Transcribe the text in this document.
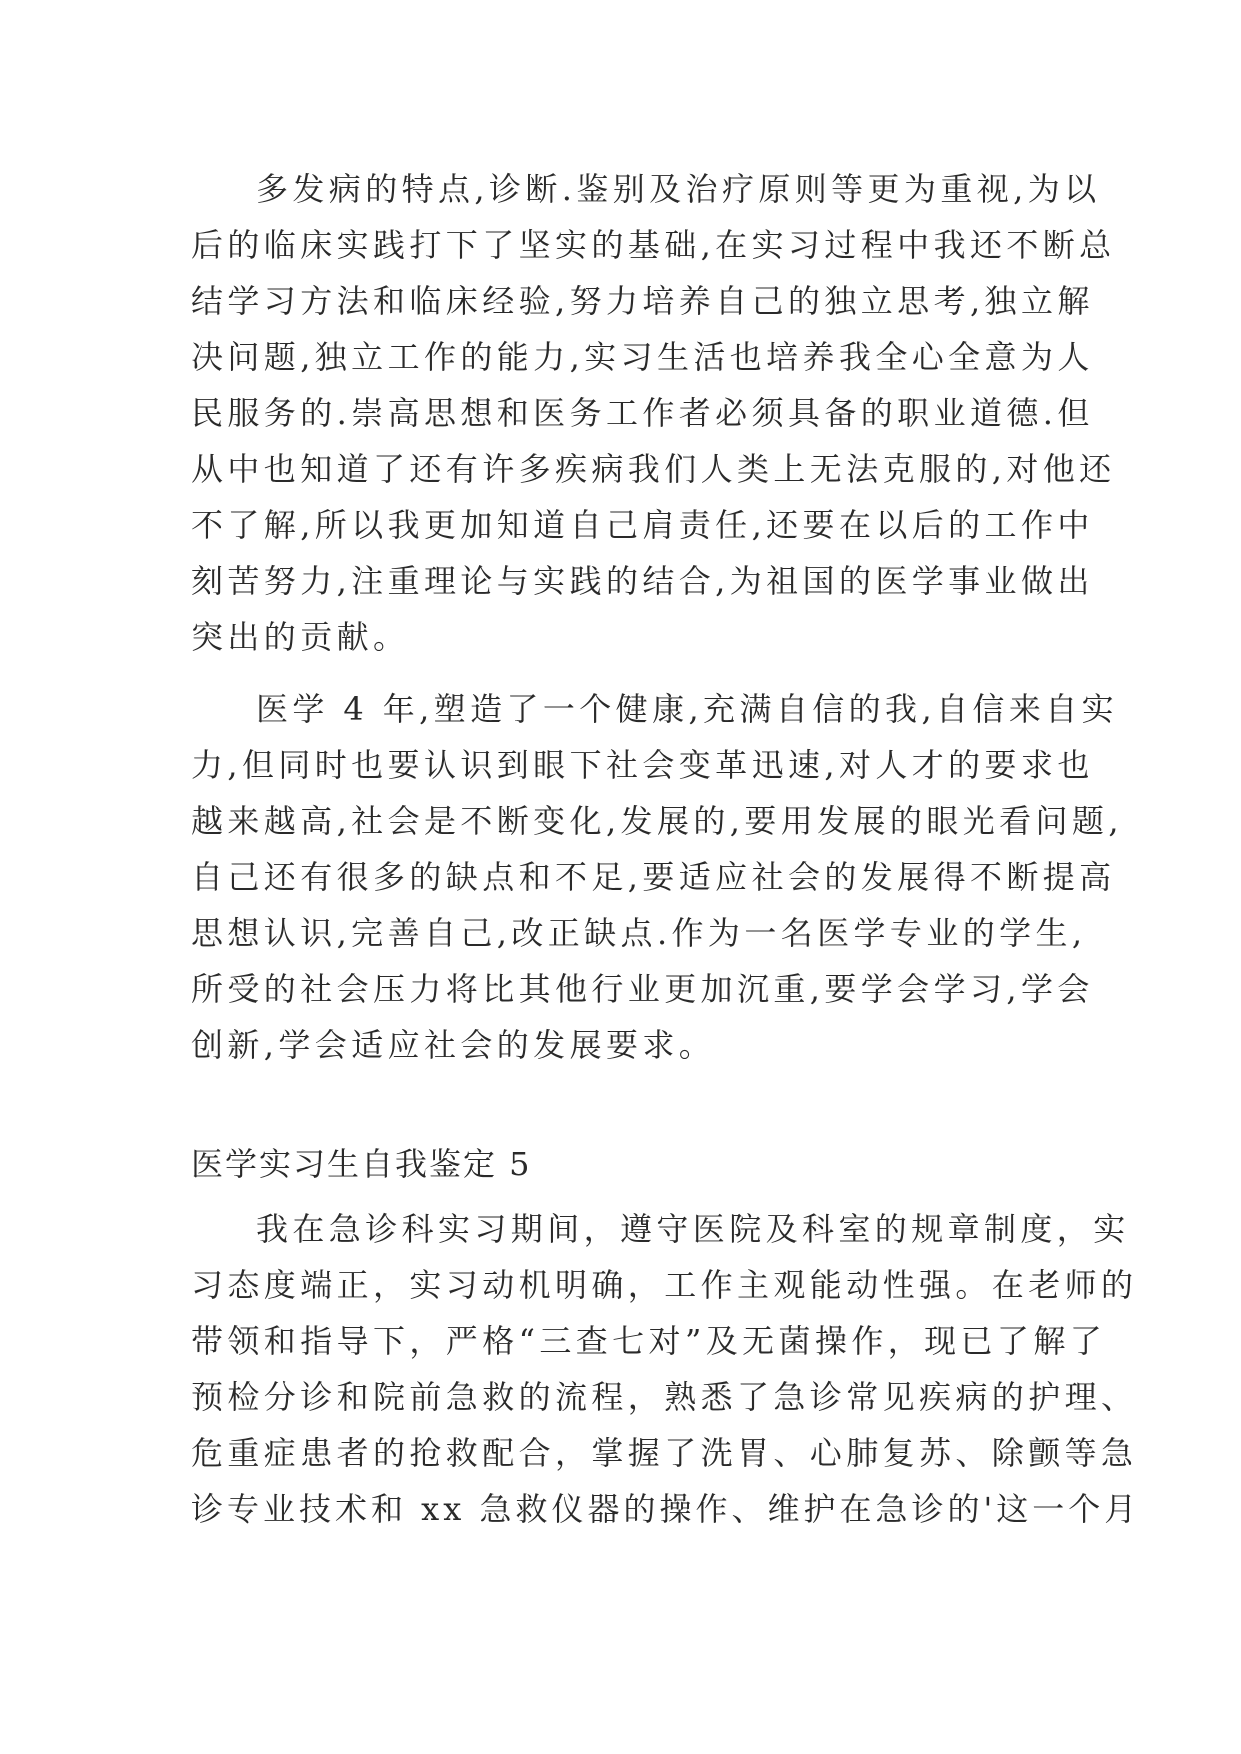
多发病的特点,诊断.鉴别及治疗原则等更为重视,为以
后的临床实践打下了坚实的基础,在实习过程中我还不断总
结学习方法和临床经验,努力培养自己的独立思考,独立解
决问题,独立工作的能力,实习生活也培养我全心全意为人
民服务的.崇高思想和医务工作者必须具备的职业道德.但
从中也知道了还有许多疾病我们人类上无法克服的,对他还
不了解,所以我更加知道自己肩责任,还要在以后的工作中
刻苦努力,注重理论与实践的结合,为祖国的医学事业做出
突出的贡献。
医学 4 年,塑造了一个健康,充满自信的我,自信来自实
力,但同时也要认识到眼下社会变革迅速,对人才的要求也
越来越高,社会是不断变化,发展的,要用发展的眼光看问题,
自己还有很多的缺点和不足,要适应社会的发展得不断提高
思想认识,完善自己,改正缺点.作为一名医学专业的学生,
所受的社会压力将比其他行业更加沉重,要学会学习,学会
创新,学会适应社会的发展要求。
医学实习生自我鉴定 5
我在急诊科实习期间，遵守医院及科室的规章制度，实
习态度端正，实习动机明确，工作主观能动性强。在老师的
带领和指导下，严格“三查七对”及无菌操作，现已了解了
预检分诊和院前急救的流程，熟悉了急诊常见疾病的护理、
危重症患者的抢救配合，掌握了洗胃、心肺复苏、除颤等急
诊专业技术和 xx 急救仪器的操作、维护在急诊的'这一个月
